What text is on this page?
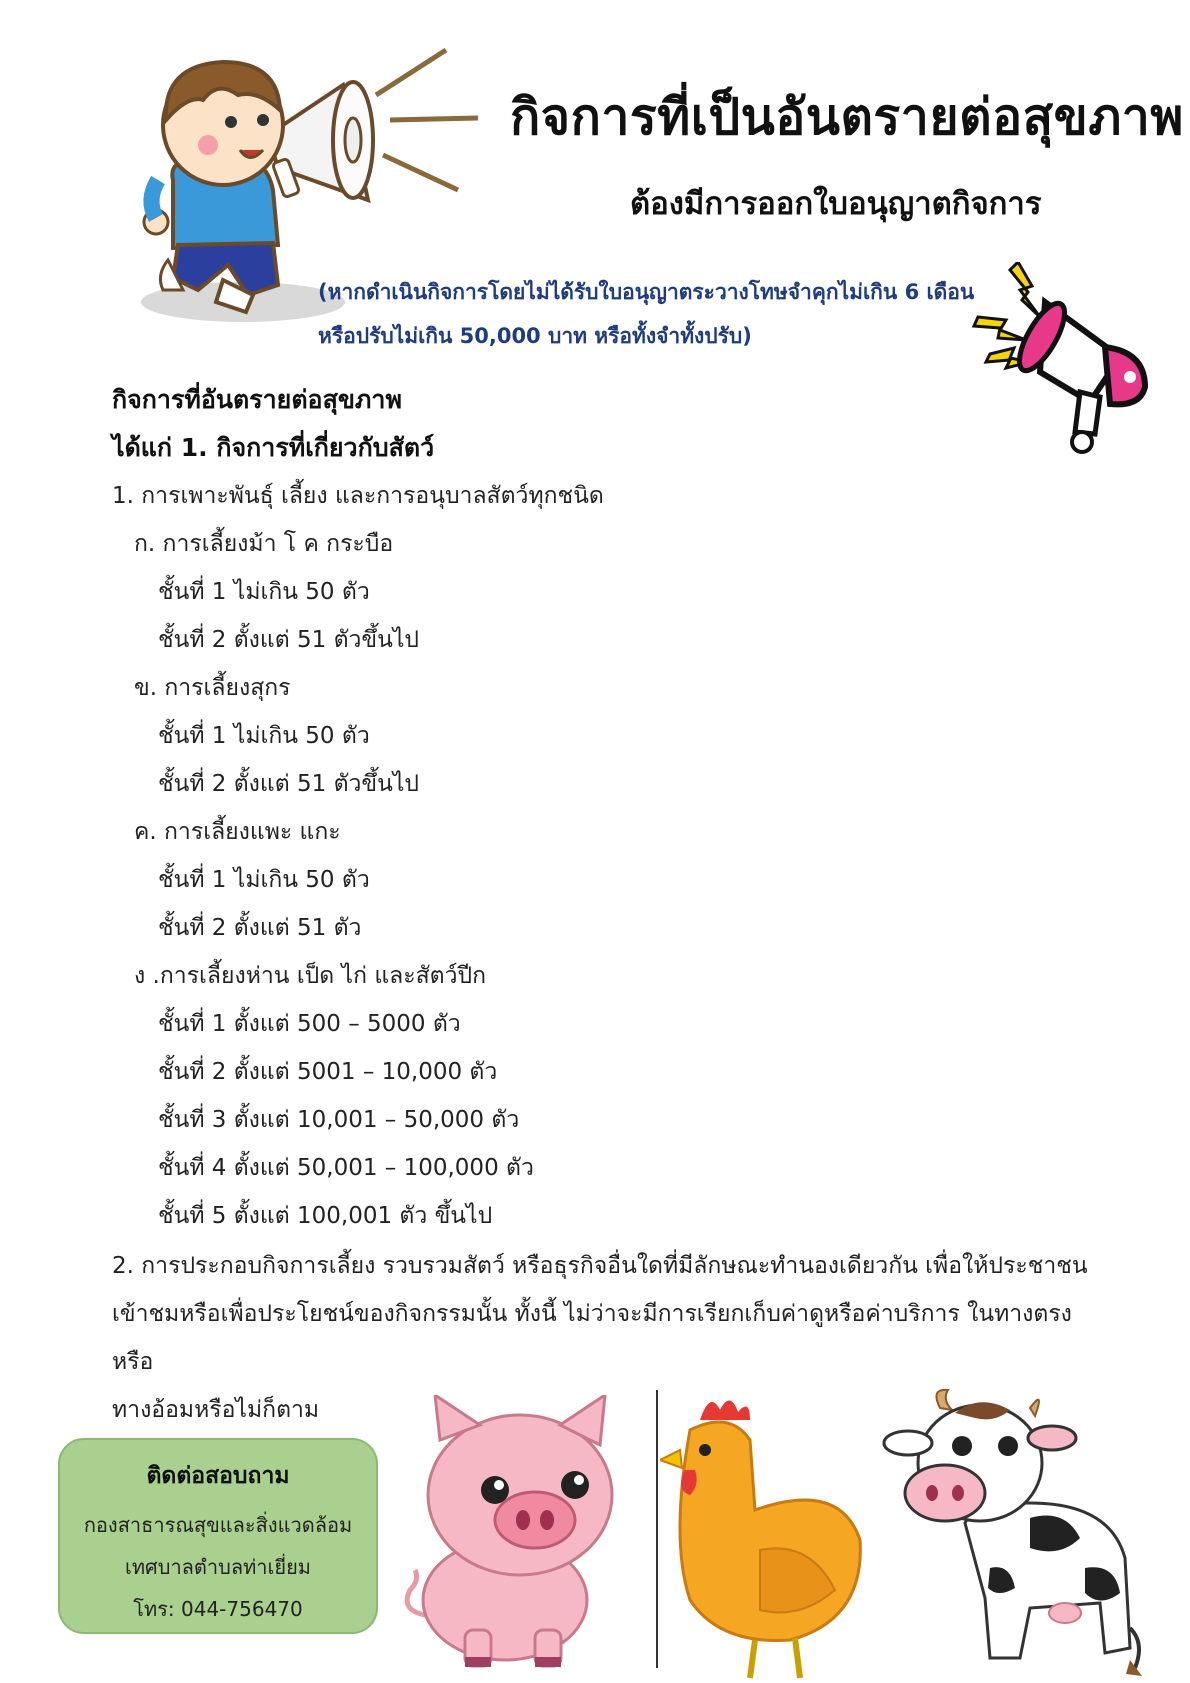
กิจการที่เป็นอันตรายต่อสุขภาพ
ต้องมีการออกใบอนุญาตกิจการ
(หากดำเนินกิจการโดยไม่ได้รับใบอนุญาตระวางโทษจำคุกไม่เกิน 6 เดือน
หรือปรับไม่เกิน 50,000 บาท หรือทั้งจำทั้งปรับ)
กิจการที่อันตรายต่อสุขภาพ
ได้แก่ 1. กิจการที่เกี่ยวกับสัตว์
1. การเพาะพันธุ์ เลี้ยง และการอนุบาลสัตว์ทุกชนิด
ก. การเลี้ยงม้า โ ค กระบือ
ชั้นที่ 1 ไม่เกิน 50 ตัว
ชั้นที่ 2 ตั้งแต่ 51 ตัวขึ้นไป
ข. การเลี้ยงสุกร
ชั้นที่ 1 ไม่เกิน 50 ตัว
ชั้นที่ 2 ตั้งแต่ 51 ตัวขึ้นไป
ค. การเลี้ยงแพะ แกะ
ชั้นที่ 1 ไม่เกิน 50 ตัว
ชั้นที่ 2 ตั้งแต่ 51 ตัว
ง .การเลี้ยงห่าน เป็ด ไก่ และสัตว์ปีก
ชั้นที่ 1 ตั้งแต่ 500 – 5000 ตัว
ชั้นที่ 2 ตั้งแต่ 5001 – 10,000 ตัว
ชั้นที่ 3 ตั้งแต่ 10,001 – 50,000 ตัว
ชั้นที่ 4 ตั้งแต่ 50,001 – 100,000 ตัว
ชั้นที่ 5 ตั้งแต่ 100,001 ตัว ขึ้นไป
2. การประกอบกิจการเลี้ยง รวบรวมสัตว์ หรือธุรกิจอื่นใดที่มีลักษณะทำนองเดียวกัน เพื่อให้ประชาชน
เข้าชมหรือเพื่อประโยชน์ของกิจกรรมนั้น ทั้งนี้ ไม่ว่าจะมีการเรียกเก็บค่าดูหรือค่าบริการ ในทางตรงหรือ
ทางอ้อมหรือไม่ก็ตาม
ติดต่อสอบถาม
กองสาธารณสุขและสิ่งแวดล้อม
เทศบาลตำบลท่าเยี่ยม
โทร: 044-756470
